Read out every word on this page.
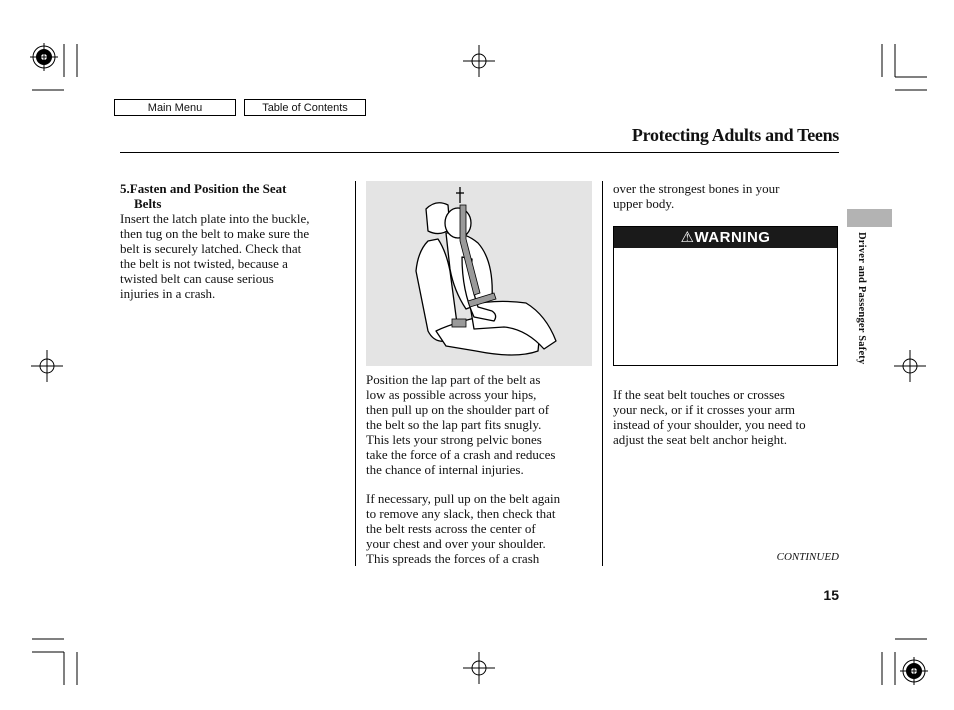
Main Menu	Table of Contents
Protecting Adults and Teens
5.Fasten and Position the Seat
Belts
Insert the latch plate into the buckle,
then tug on the belt to make sure the
belt is securely latched. Check that
the belt is not twisted, because a
twisted belt can cause serious
injuries in a crash.
Position the lap part of the belt as
low as possible across your hips,
then pull up on the shoulder part of
the belt so the lap part fits snugly.
This lets your strong pelvic bones
take the force of a crash and reduces
the chance of internal injuries.
If necessary, pull up on the belt again
to remove any slack, then check that
the belt rests across the center of
your chest and over your shoulder.
This spreads the forces of a crash
over the strongest bones in your
upper body.
⚠WARNING
If the seat belt touches or crosses
your neck, or if it crosses your arm
instead of your shoulder, you need to
adjust the seat belt anchor height.
Driver and Passenger Safety
CONTINUED
15
